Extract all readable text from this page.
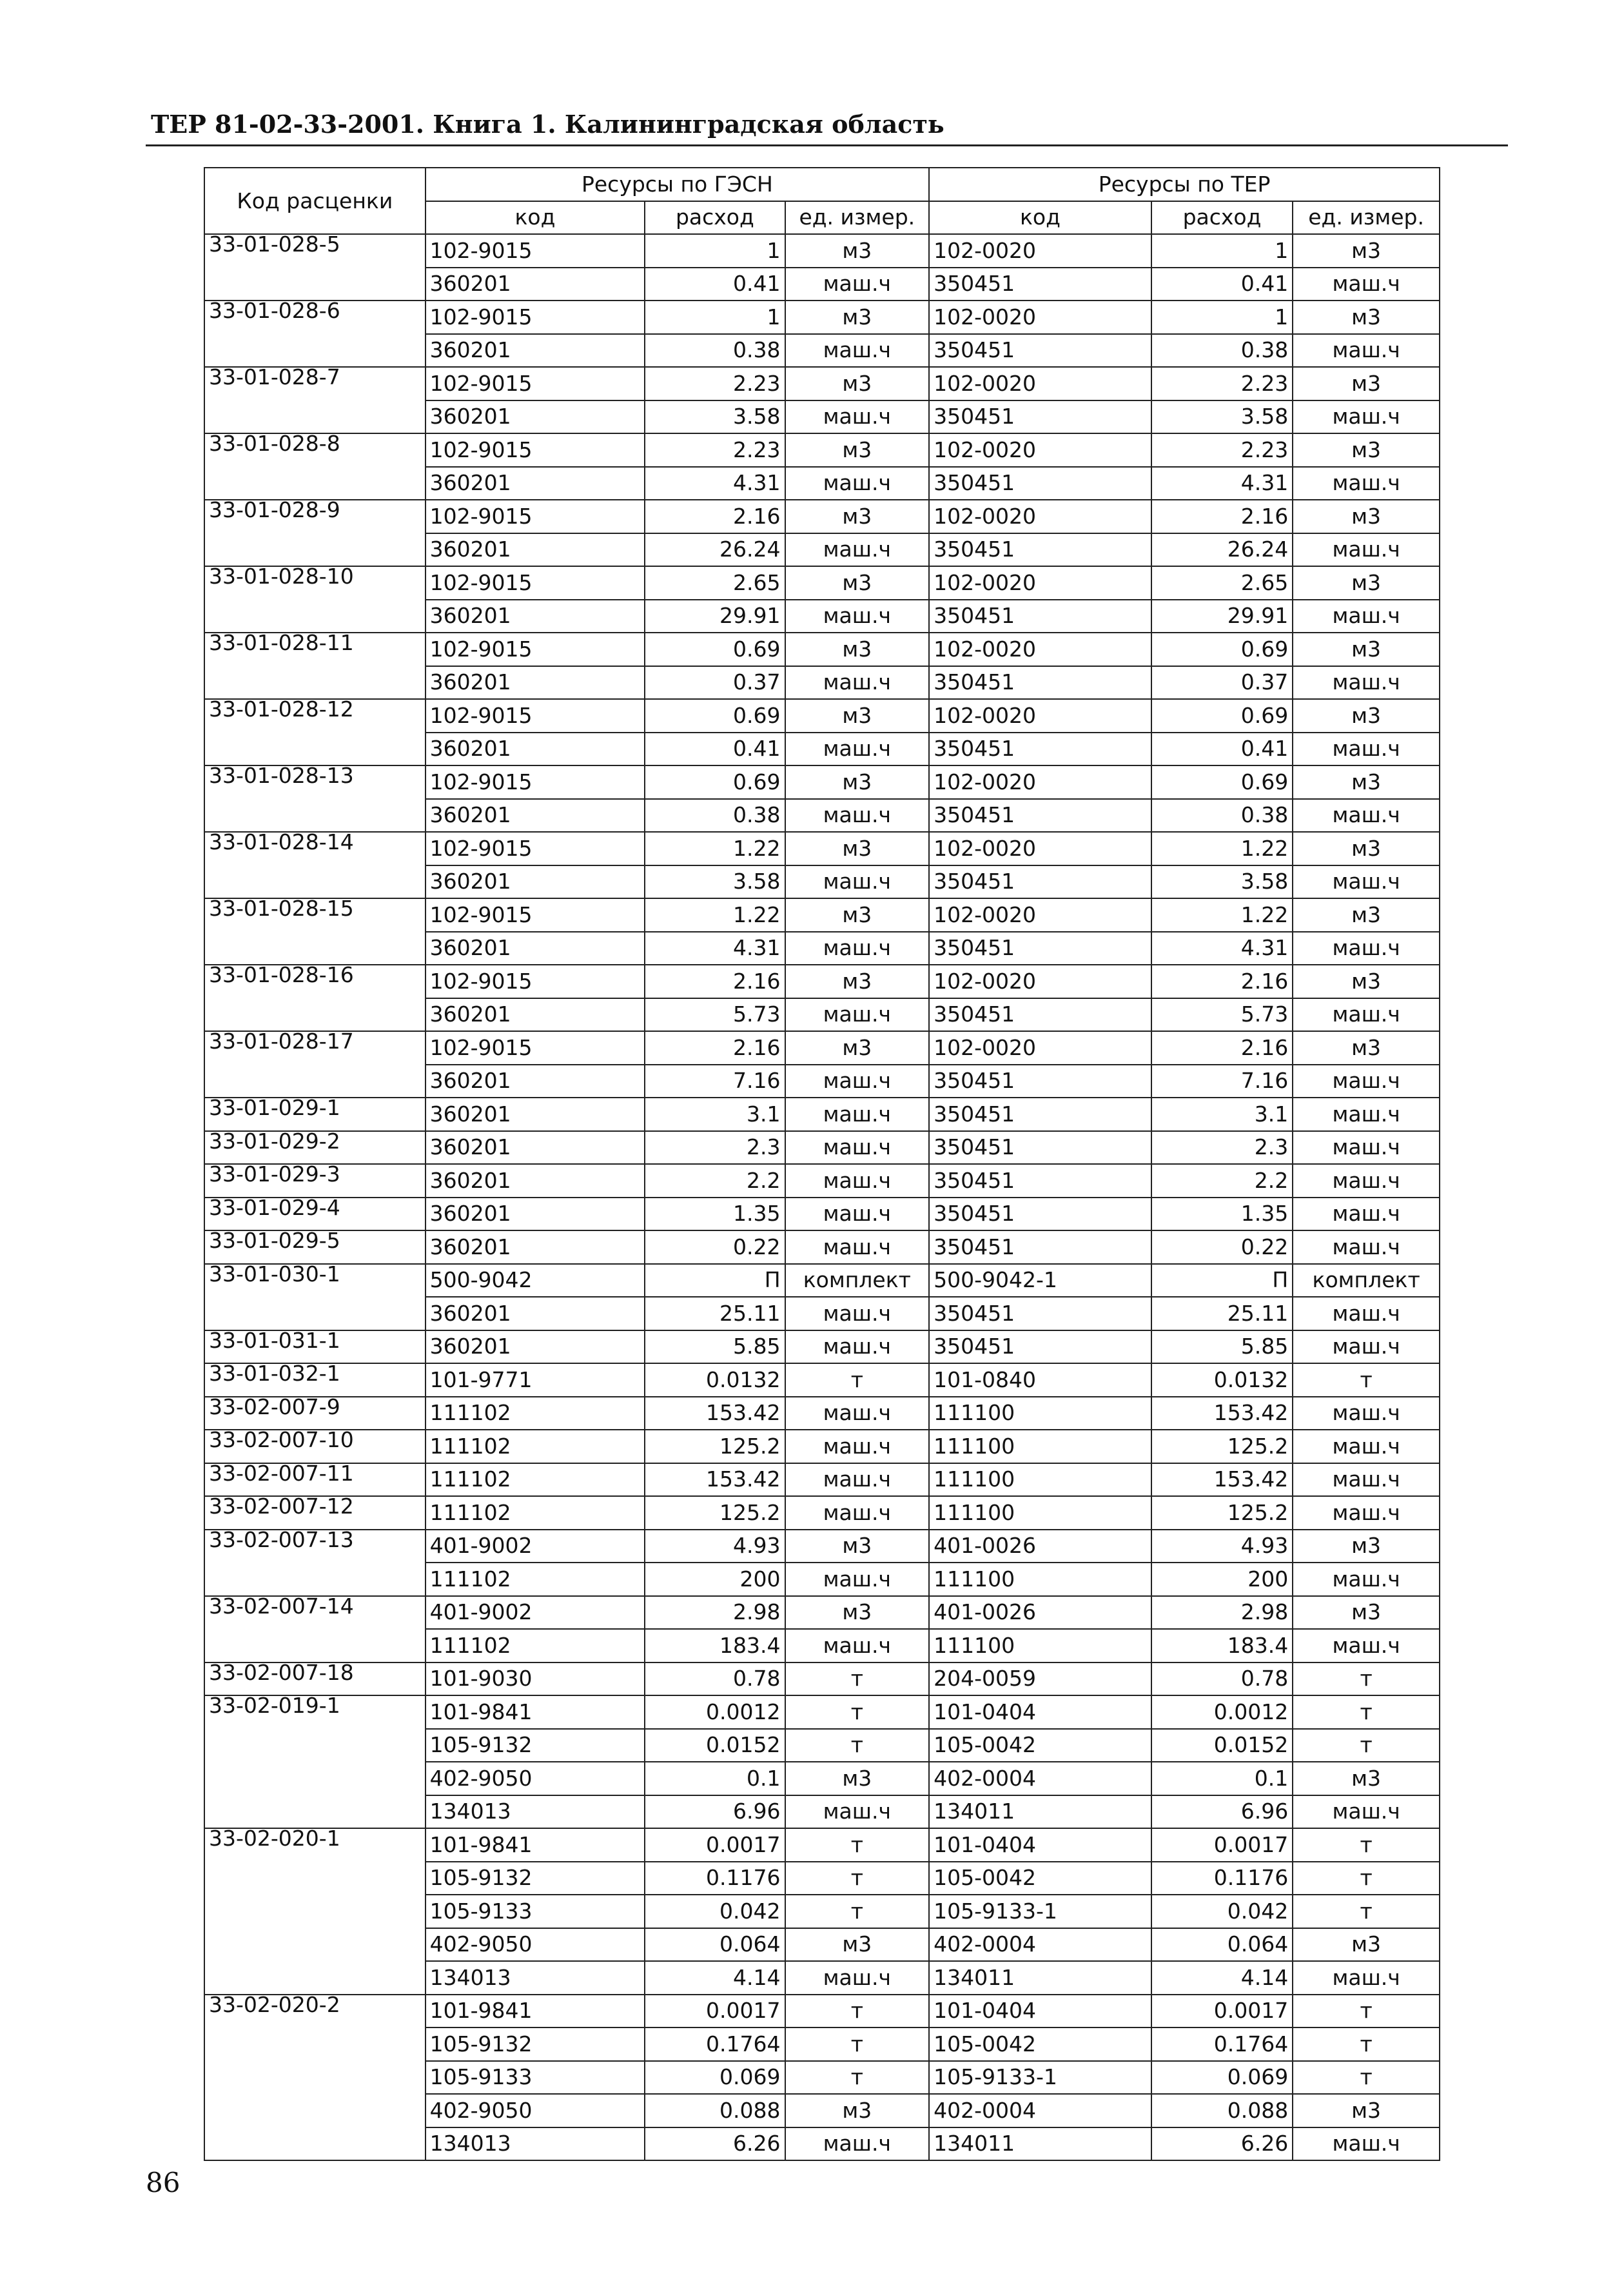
ТЕР 81-02-33-2001. Книга 1. Калининградская область
Код расценки	Ресурсы по ГЭСН			Ресурсы по ТЕР		
	код	расход	ед. измер.	код	расход	ед. измер.
33-01-028-5	102-9015	1	м3	102-0020	1	м3
	360201	0.41	маш.ч	350451	0.41	маш.ч
33-01-028-6	102-9015	1	м3	102-0020	1	м3
	360201	0.38	маш.ч	350451	0.38	маш.ч
33-01-028-7	102-9015	2.23	м3	102-0020	2.23	м3
	360201	3.58	маш.ч	350451	3.58	маш.ч
33-01-028-8	102-9015	2.23	м3	102-0020	2.23	м3
	360201	4.31	маш.ч	350451	4.31	маш.ч
33-01-028-9	102-9015	2.16	м3	102-0020	2.16	м3
	360201	26.24	маш.ч	350451	26.24	маш.ч
33-01-028-10	102-9015	2.65	м3	102-0020	2.65	м3
	360201	29.91	маш.ч	350451	29.91	маш.ч
33-01-028-11	102-9015	0.69	м3	102-0020	0.69	м3
	360201	0.37	маш.ч	350451	0.37	маш.ч
33-01-028-12	102-9015	0.69	м3	102-0020	0.69	м3
	360201	0.41	маш.ч	350451	0.41	маш.ч
33-01-028-13	102-9015	0.69	м3	102-0020	0.69	м3
	360201	0.38	маш.ч	350451	0.38	маш.ч
33-01-028-14	102-9015	1.22	м3	102-0020	1.22	м3
	360201	3.58	маш.ч	350451	3.58	маш.ч
33-01-028-15	102-9015	1.22	м3	102-0020	1.22	м3
	360201	4.31	маш.ч	350451	4.31	маш.ч
33-01-028-16	102-9015	2.16	м3	102-0020	2.16	м3
	360201	5.73	маш.ч	350451	5.73	маш.ч
33-01-028-17	102-9015	2.16	м3	102-0020	2.16	м3
	360201	7.16	маш.ч	350451	7.16	маш.ч
33-01-029-1	360201	3.1	маш.ч	350451	3.1	маш.ч
33-01-029-2	360201	2.3	маш.ч	350451	2.3	маш.ч
33-01-029-3	360201	2.2	маш.ч	350451	2.2	маш.ч
33-01-029-4	360201	1.35	маш.ч	350451	1.35	маш.ч
33-01-029-5	360201	0.22	маш.ч	350451	0.22	маш.ч
33-01-030-1	500-9042	П	комплект	500-9042-1	П	комплект
	360201	25.11	маш.ч	350451	25.11	маш.ч
33-01-031-1	360201	5.85	маш.ч	350451	5.85	маш.ч
33-01-032-1	101-9771	0.0132	т	101-0840	0.0132	т
33-02-007-9	111102	153.42	маш.ч	111100	153.42	маш.ч
33-02-007-10	111102	125.2	маш.ч	111100	125.2	маш.ч
33-02-007-11	111102	153.42	маш.ч	111100	153.42	маш.ч
33-02-007-12	111102	125.2	маш.ч	111100	125.2	маш.ч
33-02-007-13	401-9002	4.93	м3	401-0026	4.93	м3
	111102	200	маш.ч	111100	200	маш.ч
33-02-007-14	401-9002	2.98	м3	401-0026	2.98	м3
	111102	183.4	маш.ч	111100	183.4	маш.ч
33-02-007-18	101-9030	0.78	т	204-0059	0.78	т
33-02-019-1	101-9841	0.0012	т	101-0404	0.0012	т
	105-9132	0.0152	т	105-0042	0.0152	т
	402-9050	0.1	м3	402-0004	0.1	м3
	134013	6.96	маш.ч	134011	6.96	маш.ч
33-02-020-1	101-9841	0.0017	т	101-0404	0.0017	т
	105-9132	0.1176	т	105-0042	0.1176	т
	105-9133	0.042	т	105-9133-1	0.042	т
	402-9050	0.064	м3	402-0004	0.064	м3
	134013	4.14	маш.ч	134011	4.14	маш.ч
33-02-020-2	101-9841	0.0017	т	101-0404	0.0017	т
	105-9132	0.1764	т	105-0042	0.1764	т
	105-9133	0.069	т	105-9133-1	0.069	т
	402-9050	0.088	м3	402-0004	0.088	м3
	134013	6.26	маш.ч	134011	6.26	маш.ч
86
